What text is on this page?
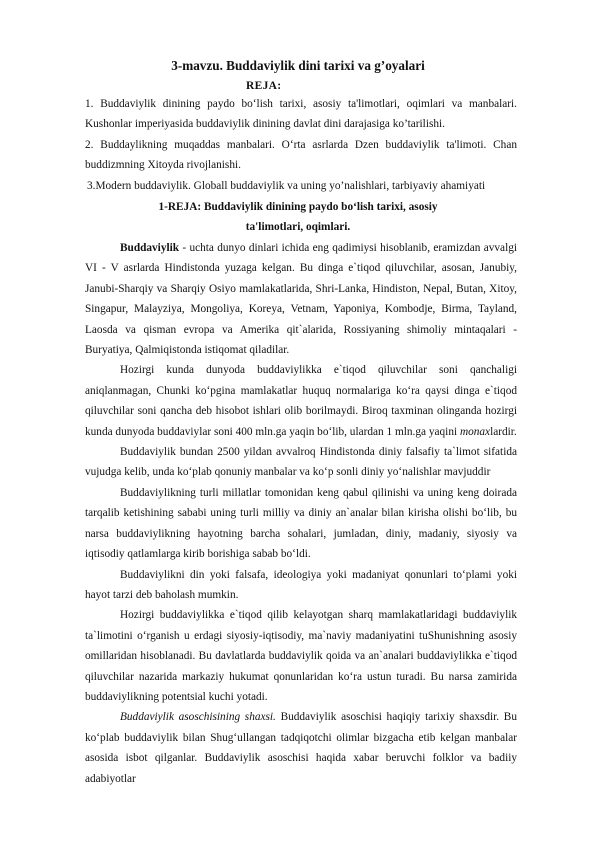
3-mavzu. Buddaviylik dini tarixi va g’oyalari
REJA:
1. Buddaviylik dinining paydo bo‘lish tarixi, asosiy ta'limotlari, oqimlari va manbalari. Kushonlar imperiyasida buddaviylik dinining davlat dini darajasiga ko’tarilishi.
2. Buddaylikning muqaddas manbalari. O‘rta asrlarda Dzen buddaviylik ta'limoti. Chan buddizmning Xitoyda rivojlanishi.
3.Modern buddaviylik. Globall buddaviylik va uning yo’nalishlari, tarbiyaviy ahamiyati
1-REJA: Buddaviylik dinining paydo bo‘lish tarixi, asosiy
ta'limotlari, oqimlari.

Buddaviylik - uchta dunyo dinlari ichida eng qadimiysi hisoblanib, eramizdan avvalgi VI - V asrlarda Hindistonda yuzaga kelgan. Bu dinga e`tiqod qiluvchilar, asosan, Janubiy, Janubi-Sharqiy va Sharqiy Osiyo mamlakatlarida, Shri-Lanka, Hindiston, Nepal, Butan, Xitoy, Singapur, Malayziya, Mongoliya, Koreya, Vetnam, Yaponiya, Kombodje, Birma, Tayland, Laosda va qisman evropa va Amerika qit`alarida, Rossiyaning shimoliy mintaqalari - Buryatiya, Qalmiqistonda istiqomat qiladilar.

Hozirgi kunda dunyoda buddaviylikka e`tiqod qiluvchilar soni qanchaligi aniqlanmagan, Chunki ko‘pgina mamlakatlar huquq normalariga ko‘ra qaysi dinga e`tiqod qiluvchilar soni qancha deb hisobot ishlari olib borilmaydi. Biroq taxminan olinganda hozirgi kunda dunyoda buddaviylar soni 400 mln.ga yaqin bo‘lib, ulardan 1 mln.ga yaqini monaxlardir.

Buddaviylik bundan 2500 yildan avvalroq Hindistonda diniy falsafiy ta`limot sifatida vujudga kelib, unda ko‘plab qonuniy manbalar va ko‘p sonli diniy yo‘nalishlar mavjuddir

Buddaviylikning turli millatlar tomonidan keng qabul qilinishi va uning keng doirada tarqalib ketishining sababi uning turli milliy va diniy an`analar bilan kirisha olishi bo‘lib, bu narsa buddaviylikning hayotning barcha sohalari, jumladan, diniy, madaniy, siyosiy va iqtisodiy qatlamlarga kirib borishiga sabab bo‘ldi.

Buddaviylikni din yoki falsafa, ideologiya yoki madaniyat qonunlari to‘plami yoki hayot tarzi deb baholash mumkin.

Hozirgi buddaviylikka e`tiqod qilib kelayotgan sharq mamlakatlaridagi buddaviylik ta`limotini o‘rganish u erdagi siyosiy-iqtisodiy, ma`naviy madaniyatini tuShunishning asosiy omillaridan hisoblanadi. Bu davlatlarda buddaviylik qoida va an`analari buddaviylikka e`tiqod qiluvchilar nazarida markaziy hukumat qonunlaridan ko‘ra ustun turadi. Bu narsa zamirida buddaviylikning potentsial kuchi yotadi.

Buddaviylik asoschisining shaxsi. Buddaviylik asoschisi haqiqiy tarixiy shaxsdir. Bu ko‘plab buddaviylik bilan Shug‘ullangan tadqiqotchi olimlar bizgacha etib kelgan manbalar asosida isbot qilganlar. Buddaviylik asoschisi haqida xabar beruvchi folklor va badiiy adabiyotlar
